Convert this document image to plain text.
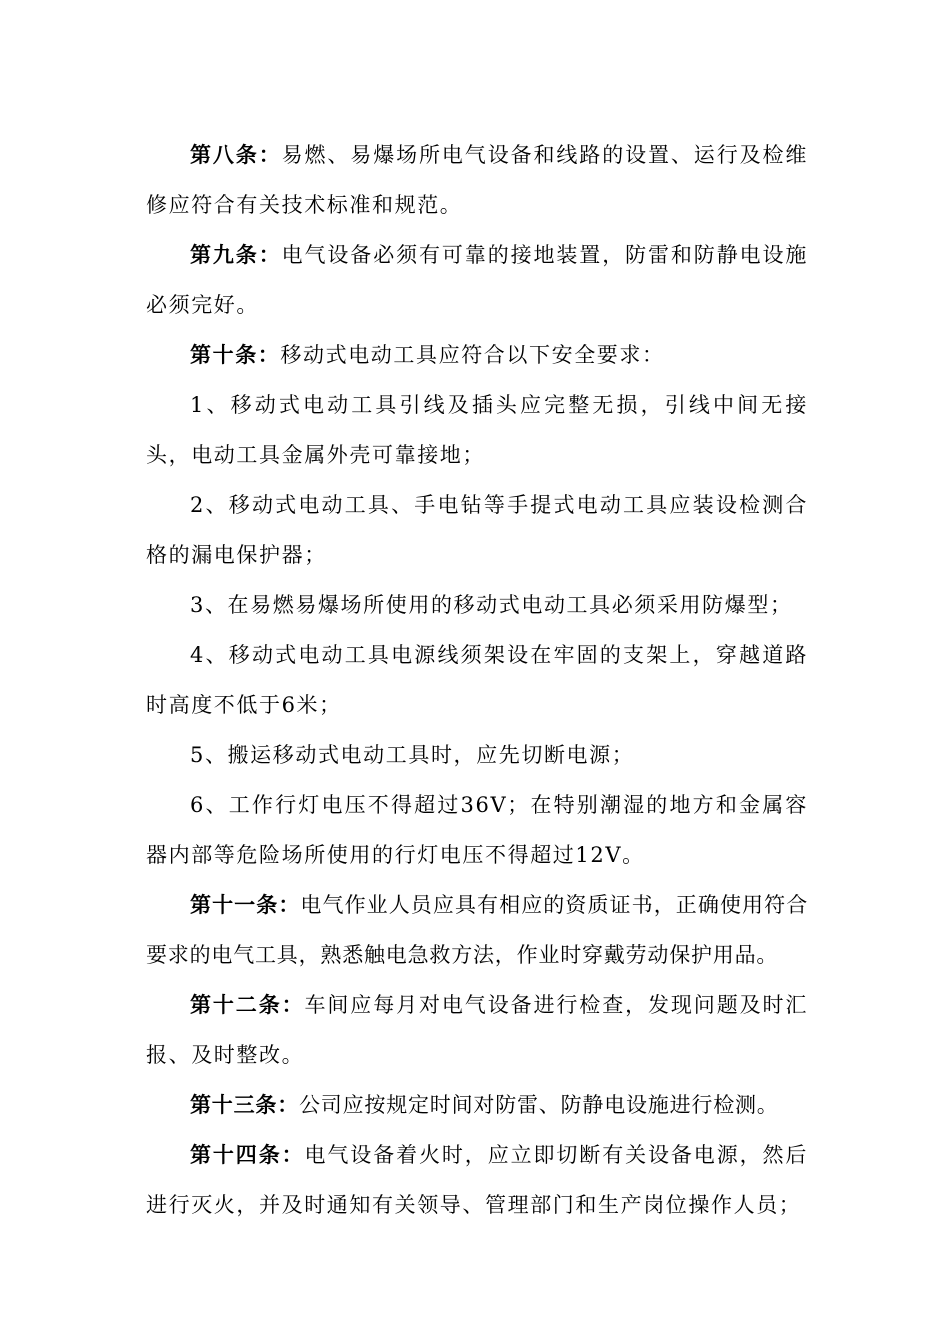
第八条：易燃、易爆场所电气设备和线路的设置、运行及检维修应符合有关技术标准和规范。

第九条：电气设备必须有可靠的接地装置，防雷和防静电设施必须完好。

第十条：移动式电动工具应符合以下安全要求：

1、移动式电动工具引线及插头应完整无损，引线中间无接头，电动工具金属外壳可靠接地；

2、移动式电动工具、手电钻等手提式电动工具应装设检测合格的漏电保护器；

3、在易燃易爆场所使用的移动式电动工具必须采用防爆型；

4、移动式电动工具电源线须架设在牢固的支架上，穿越道路时高度不低于6米；

5、搬运移动式电动工具时，应先切断电源；

6、工作行灯电压不得超过36V；在特别潮湿的地方和金属容器内部等危险场所使用的行灯电压不得超过12V。

第十一条：电气作业人员应具有相应的资质证书，正确使用符合要求的电气工具，熟悉触电急救方法，作业时穿戴劳动保护用品。

第十二条：车间应每月对电气设备进行检查，发现问题及时汇报、及时整改。

第十三条：公司应按规定时间对防雷、防静电设施进行检测。

第十四条：电气设备着火时，应立即切断有关设备电源，然后进行灭火，并及时通知有关领导、管理部门和生产岗位操作人员；
